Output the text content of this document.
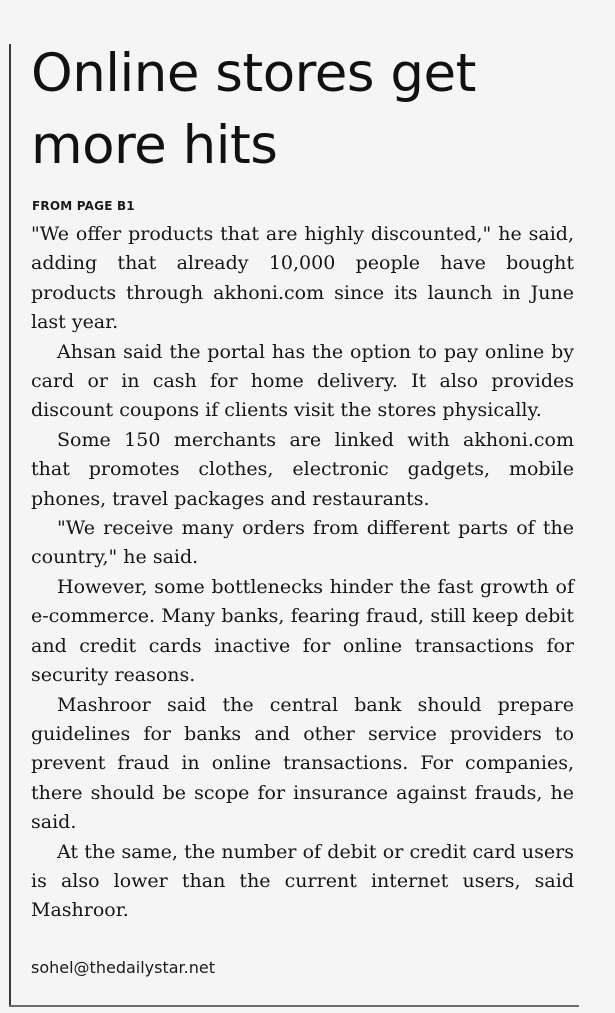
Online stores get more hits
FROM PAGE B1

"We offer products that are highly discounted," he said, adding that already 10,000 people have bought products through akhoni.com since its launch in June last year.

Ahsan said the portal has the option to pay online by card or in cash for home delivery. It also provides discount coupons if clients visit the stores physically.

Some 150 merchants are linked with akhoni.com that promotes clothes, electronic gadgets, mobile phones, travel packages and restaurants.

"We receive many orders from different parts of the country," he said.

However, some bottlenecks hinder the fast growth of e-commerce. Many banks, fearing fraud, still keep debit and credit cards inactive for online transactions for security reasons.

Mashroor said the central bank should prepare guidelines for banks and other service providers to prevent fraud in online transactions. For companies, there should be scope for insurance against frauds, he said.

At the same, the number of debit or credit card users is also lower than the current internet users, said Mashroor.

sohel@thedailystar.net
